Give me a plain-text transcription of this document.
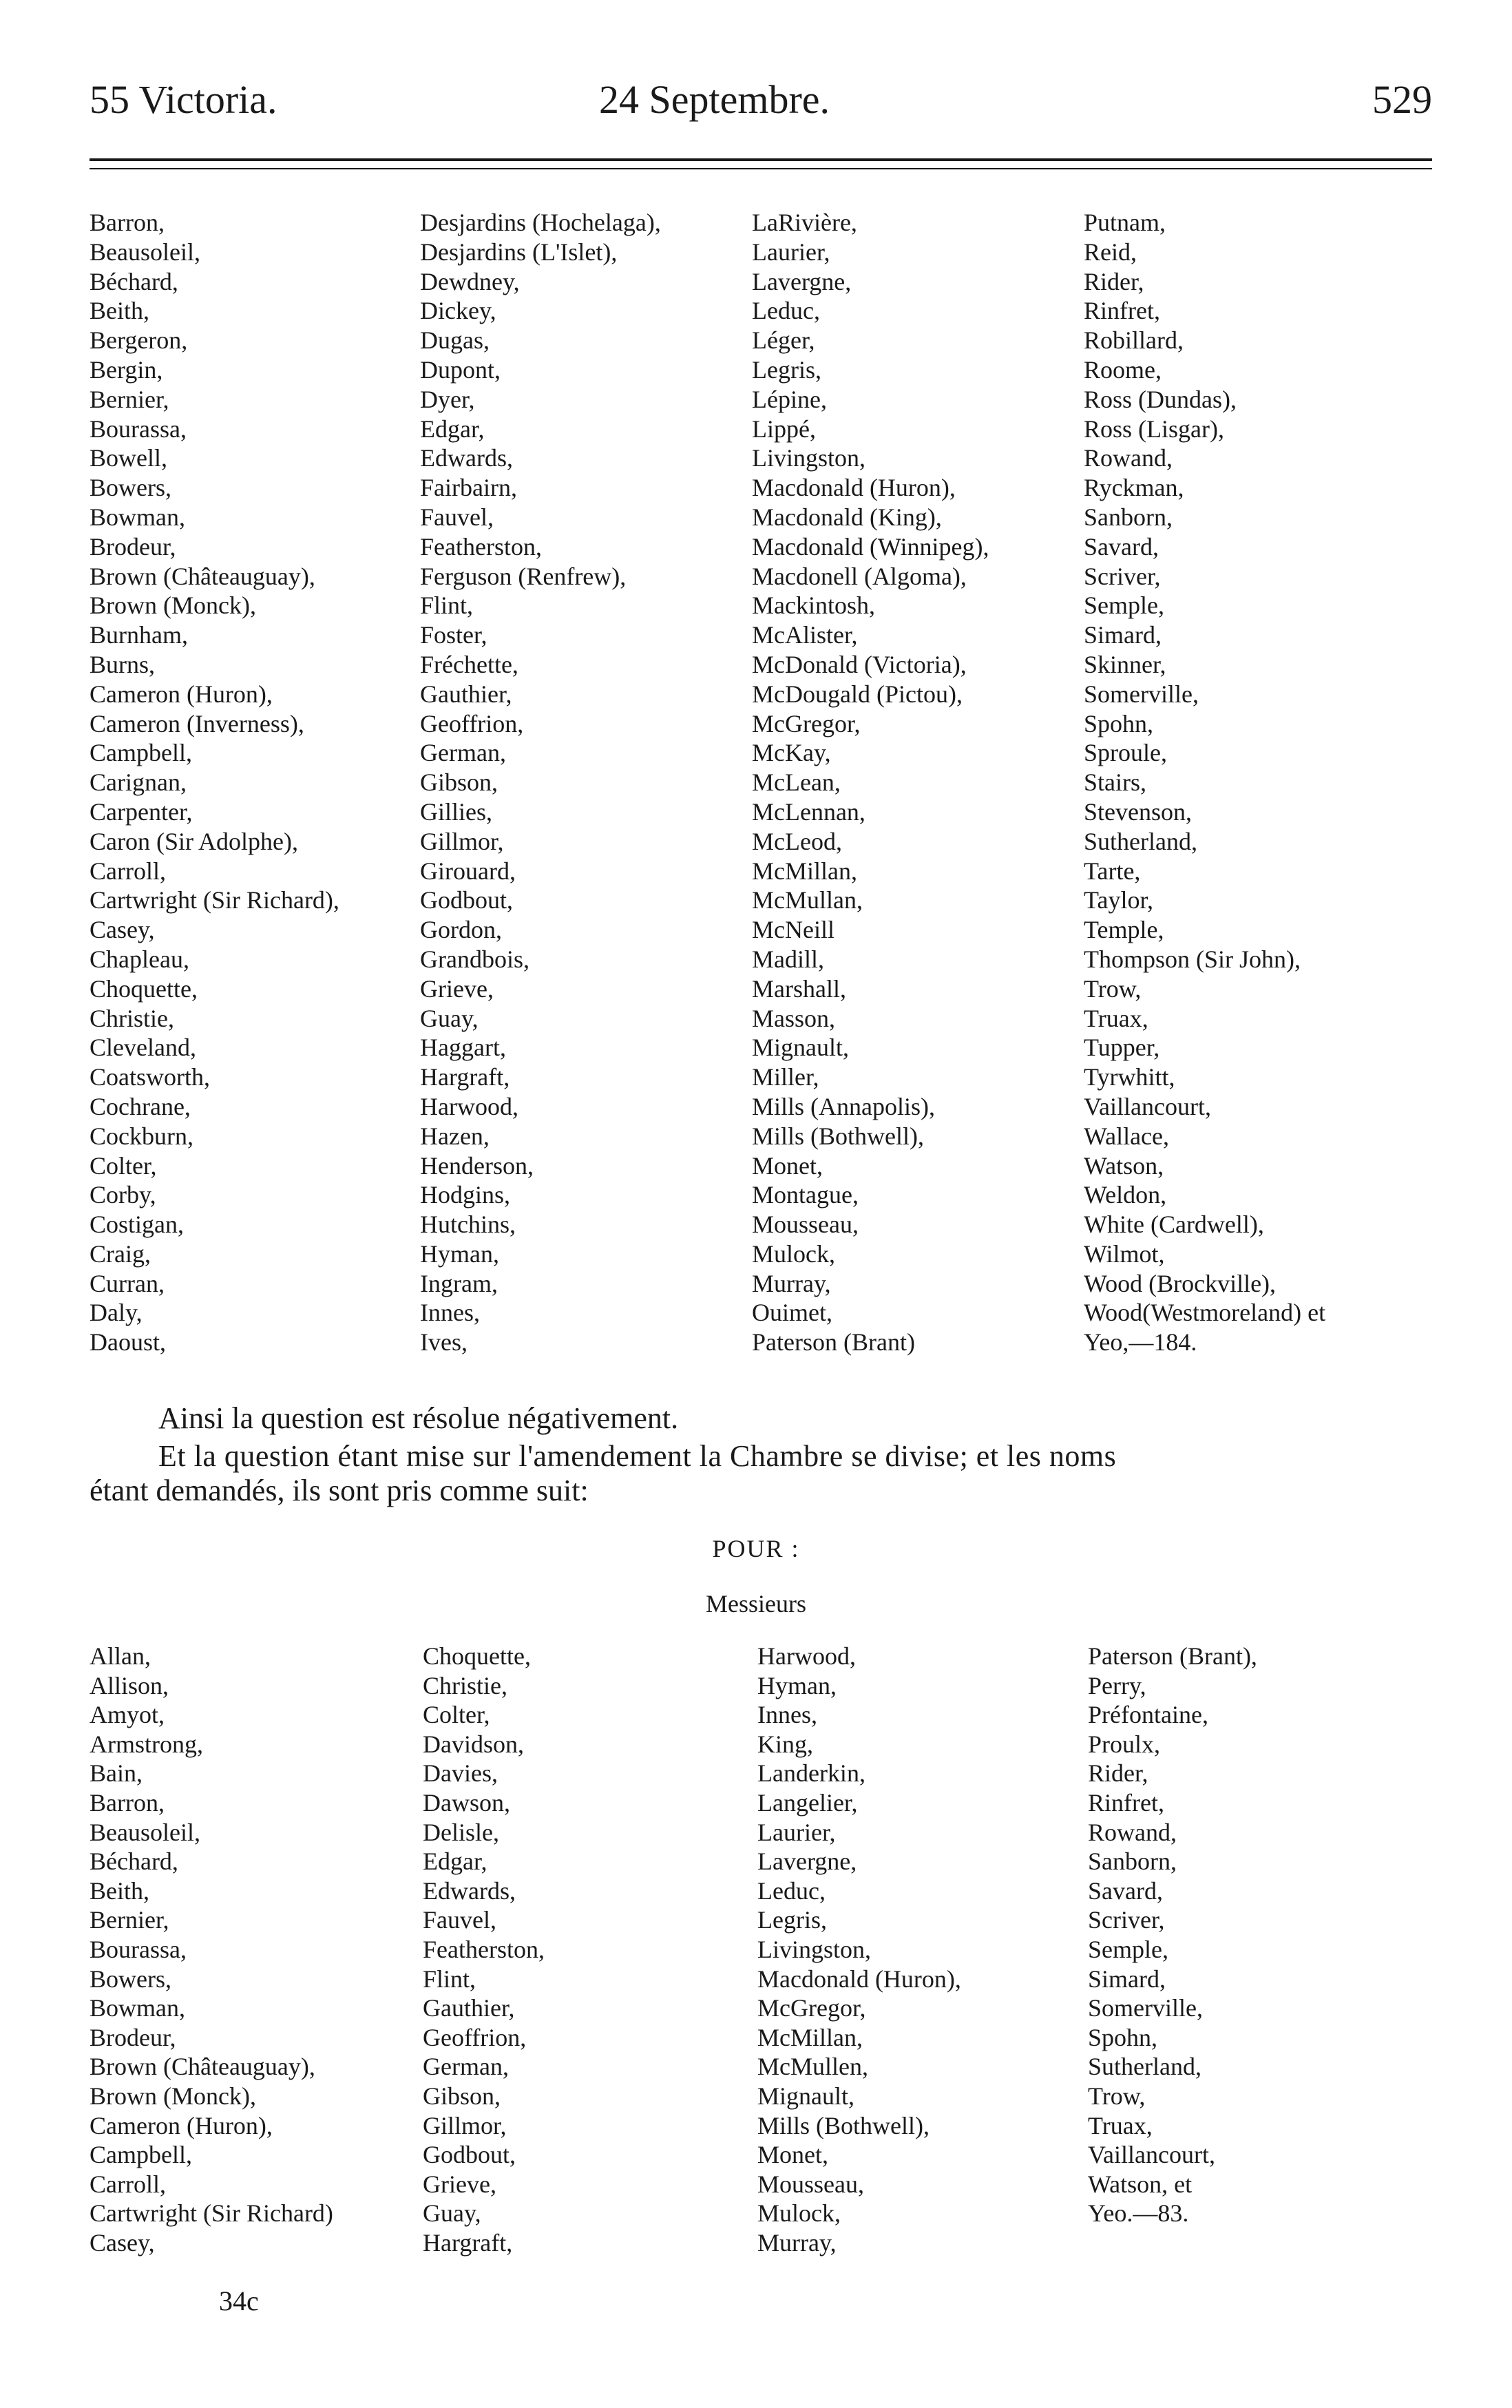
55 Victoria.	24 Septembre.	529
Barron,
Beausoleil,
Béchard,
Beith,
Bergeron,
Bergin,
Bernier,
Bourassa,
Bowell,
Bowers,
Bowman,
Brodeur,
Brown (Châteauguay),
Brown (Monck),
Burnham,
Burns,
Cameron (Huron),
Cameron (Inverness),
Campbell,
Carignan,
Carpenter,
Caron (Sir Adolphe),
Carroll,
Cartwright (Sir Richard),
Casey,
Chapleau,
Choquette,
Christie,
Cleveland,
Coatsworth,
Cochrane,
Cockburn,
Colter,
Corby,
Costigan,
Craig,
Curran,
Daly,
Daoust,
Desjardins (Hochelaga),
Desjardins (L'Islet),
Dewdney,
Dickey,
Dugas,
Dupont,
Dyer,
Edgar,
Edwards,
Fairbairn,
Fauvel,
Featherston,
Ferguson (Renfrew),
Flint,
Foster,
Fréchette,
Gauthier,
Geoffrion,
German,
Gibson,
Gillies,
Gillmor,
Girouard,
Godbout,
Gordon,
Grandbois,
Grieve,
Guay,
Haggart,
Hargraft,
Harwood,
Hazen,
Henderson,
Hodgins,
Hutchins,
Hyman,
Ingram,
Innes,
Ives,
LaRivière,
Laurier,
Lavergne,
Leduc,
Léger,
Legris,
Lépine,
Lippé,
Livingston,
Macdonald (Huron),
Macdonald (King),
Macdonald (Winnipeg),
Macdonell (Algoma),
Mackintosh,
McAlister,
McDonald (Victoria),
McDougald (Pictou),
McGregor,
McKay,
McLean,
McLennan,
McLeod,
McMillan,
McMullan,
McNeill
Madill,
Marshall,
Masson,
Mignault,
Miller,
Mills (Annapolis),
Mills (Bothwell),
Monet,
Montague,
Mousseau,
Mulock,
Murray,
Ouimet,
Paterson (Brant)
Putnam,
Reid,
Rider,
Rinfret,
Robillard,
Roome,
Ross (Dundas),
Ross (Lisgar),
Rowand,
Ryckman,
Sanborn,
Savard,
Scriver,
Semple,
Simard,
Skinner,
Somerville,
Spohn,
Sproule,
Stairs,
Stevenson,
Sutherland,
Tarte,
Taylor,
Temple,
Thompson (Sir John),
Trow,
Truax,
Tupper,
Tyrwhitt,
Vaillancourt,
Wallace,
Watson,
Weldon,
White (Cardwell),
Wilmot,
Wood (Brockville),
Wood(Westmoreland) et
Yeo,—184.
Ainsi la question est résolue négativement.
Et la question étant mise sur l'amendement la Chambre se divise; et les noms
étant demandés, ils sont pris comme suit:
POUR :
Messieurs
Allan,
Allison,
Amyot,
Armstrong,
Bain,
Barron,
Beausoleil,
Béchard,
Beith,
Bernier,
Bourassa,
Bowers,
Bowman,
Brodeur,
Brown (Châteauguay),
Brown (Monck),
Cameron (Huron),
Campbell,
Carroll,
Cartwright (Sir Richard)
Casey,
Choquette,
Christie,
Colter,
Davidson,
Davies,
Dawson,
Delisle,
Edgar,
Edwards,
Fauvel,
Featherston,
Flint,
Gauthier,
Geoffrion,
German,
Gibson,
Gillmor,
Godbout,
Grieve,
Guay,
Hargraft,
Harwood,
Hyman,
Innes,
King,
Landerkin,
Langelier,
Laurier,
Lavergne,
Leduc,
Legris,
Livingston,
Macdonald (Huron),
McGregor,
McMillan,
McMullen,
Mignault,
Mills (Bothwell),
Monet,
Mousseau,
Mulock,
Murray,
Paterson (Brant),
Perry,
Préfontaine,
Proulx,
Rider,
Rinfret,
Rowand,
Sanborn,
Savard,
Scriver,
Semple,
Simard,
Somerville,
Spohn,
Sutherland,
Trow,
Truax,
Vaillancourt,
Watson, et
Yeo.—83.
34c
